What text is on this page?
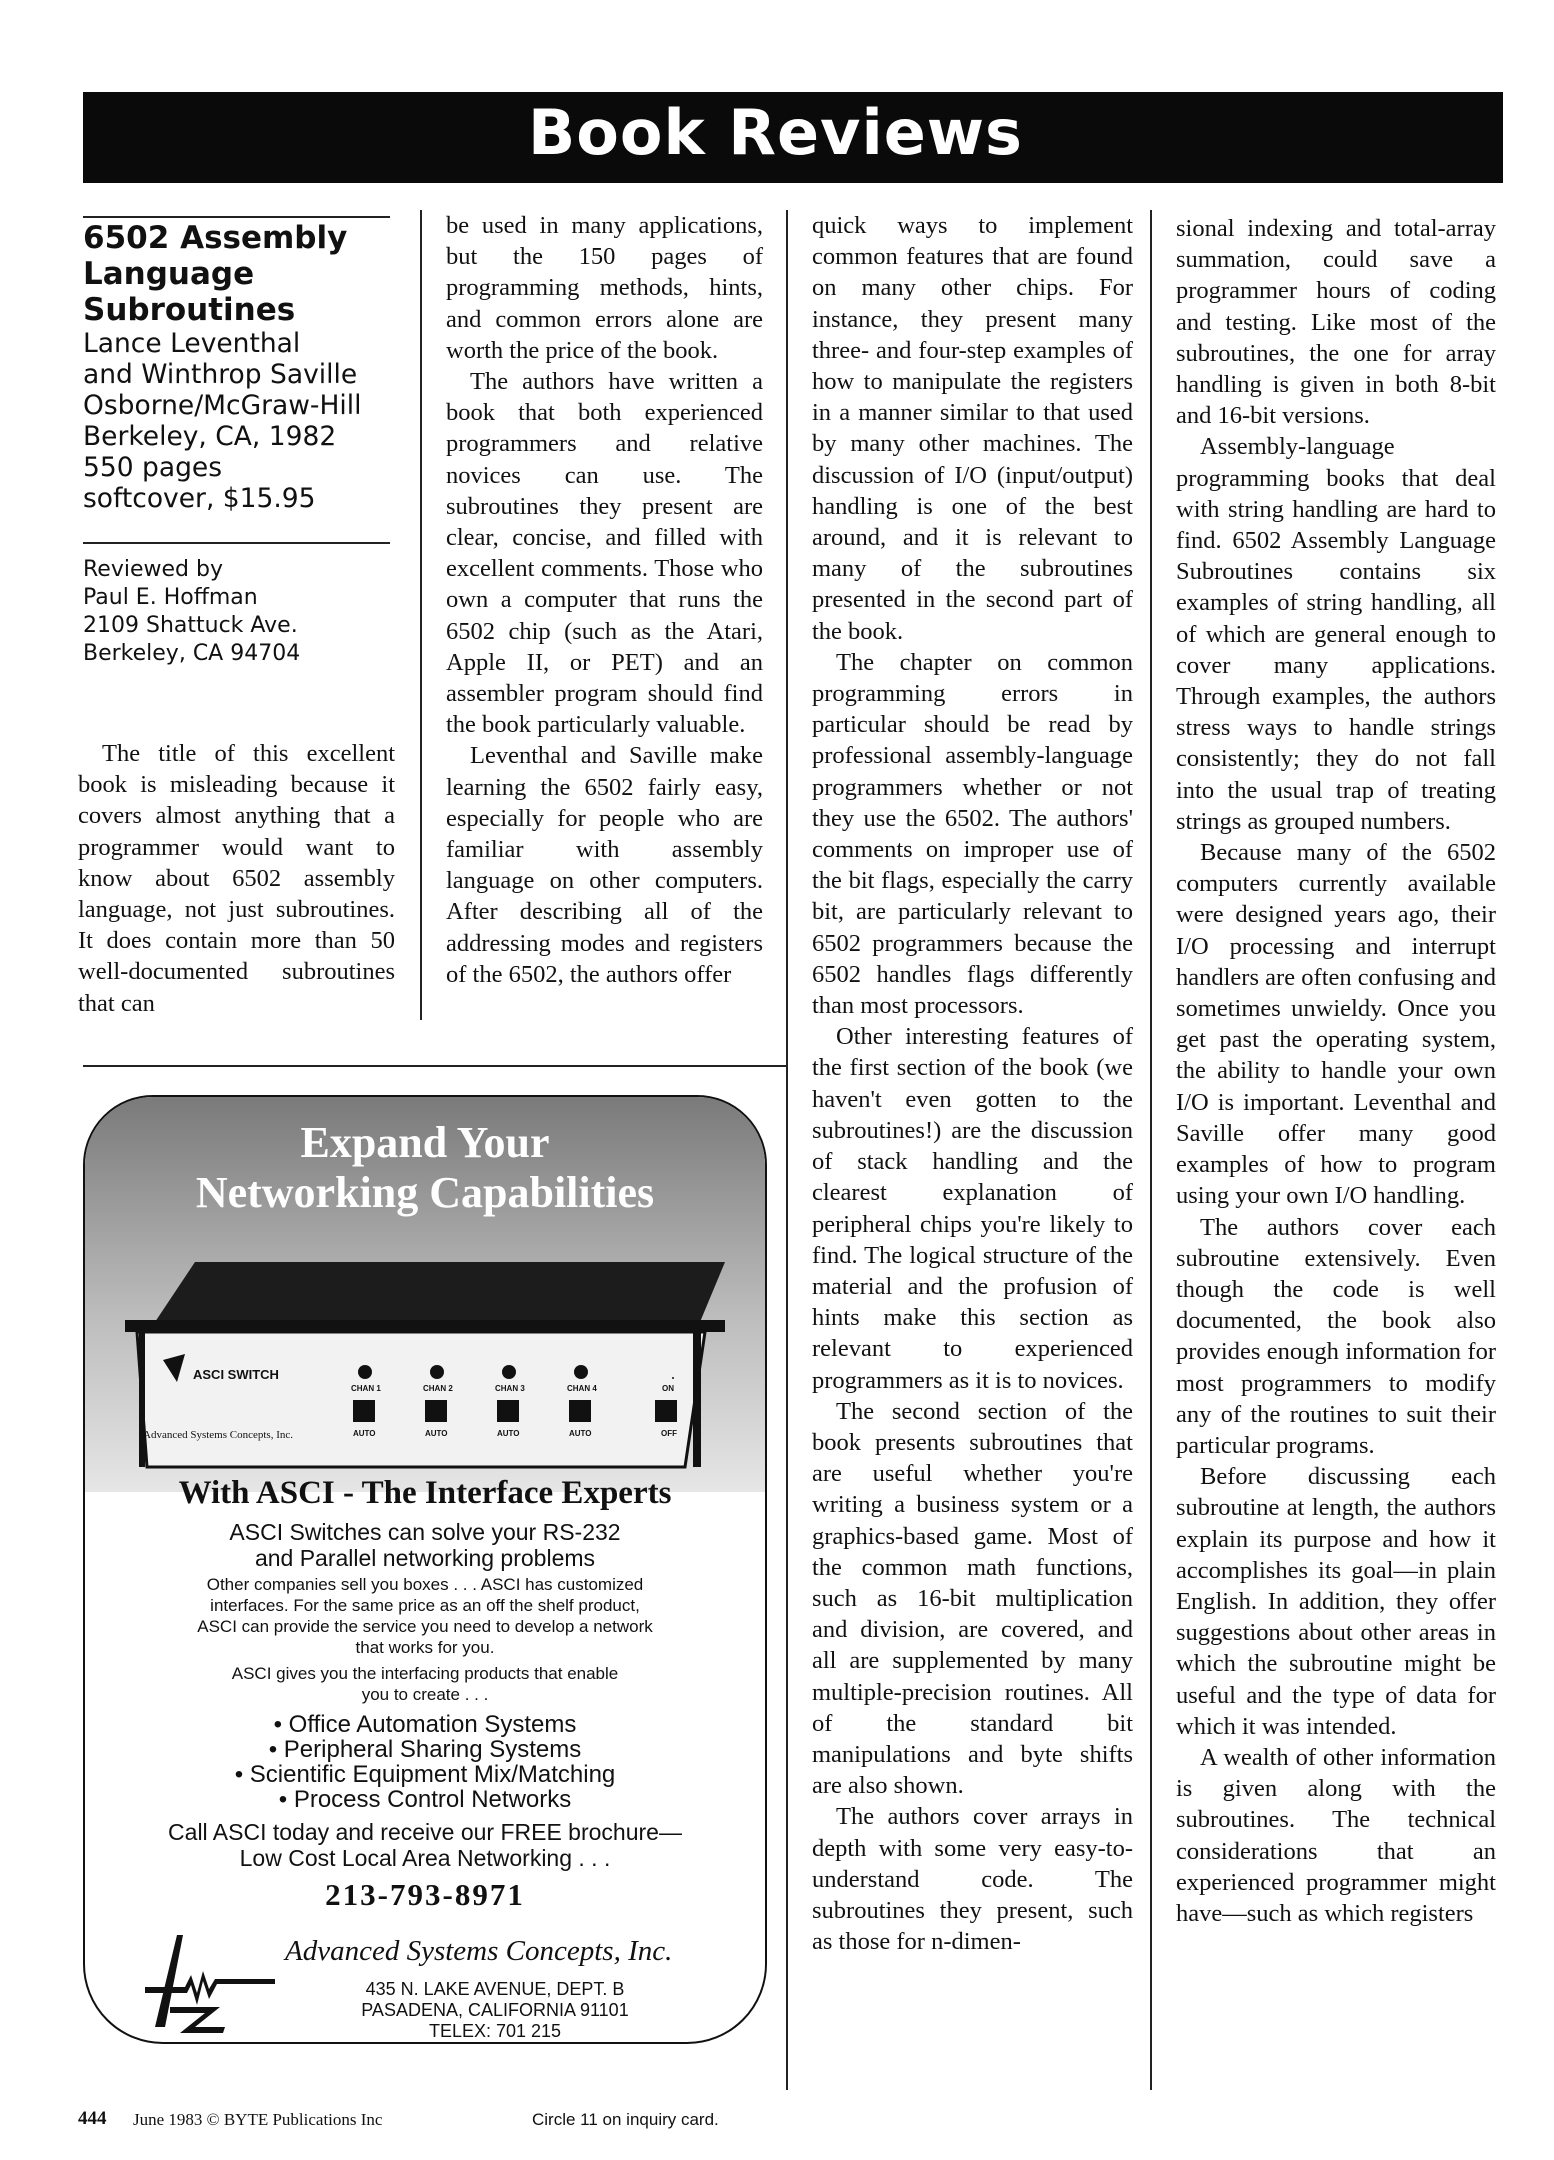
Book Reviews
6502 Assembly
Language
Subroutines
Lance Leventhal
and Winthrop Saville
Osborne/McGraw-Hill
Berkeley, CA, 1982
550 pages
softcover, $15.95
Reviewed by
Paul E. Hoffman
2109 Shattuck Ave.
Berkeley, CA 94704

The title of this excellent book is misleading because it covers almost anything that a programmer would want to know about 6502 assembly language, not just subroutines. It does contain more than 50 well-documented subroutines that can

be used in many applications, but the 150 pages of programming methods, hints, and common errors alone are worth the price of the book.

The authors have written a book that both experienced programmers and relative novices can use. The subroutines they present are clear, concise, and filled with excellent comments. Those who own a computer that runs the 6502 chip (such as the Atari, Apple II, or PET) and an assembler program should find the book particularly valuable.

Leventhal and Saville make learning the 6502 fairly easy, especially for people who are familiar with assembly language on other computers. After describing all of the addressing modes and registers of the 6502, the authors offer

quick ways to implement common features that are found on many other chips. For instance, they present many three- and four-step examples of how to manipulate the registers in a manner similar to that used by many other machines. The discussion of I/O (input/output) handling is one of the best around, and it is relevant to many of the subroutines presented in the second part of the book.

The chapter on common programming errors in particular should be read by professional assembly-language programmers whether or not they use the 6502. The authors' comments on improper use of the bit flags, especially the carry bit, are particularly relevant to 6502 programmers because the 6502 handles flags differently than most processors.

Other interesting features of the first section of the book (we haven't even gotten to the subroutines!) are the discussion of stack handling and the clearest explanation of peripheral chips you're likely to find. The logical structure of the material and the profusion of hints make this section as relevant to experienced programmers as it is to novices.

The second section of the book presents subroutines that are useful whether you're writing a business system or a graphics-based game. Most of the common math functions, such as 16-bit multiplication and division, are covered, and all are supplemented by many multiple-precision routines. All of the standard bit manipulations and byte shifts are also shown.

The authors cover arrays in depth with some very easy-to-understand code. The subroutines they present, such as those for n-dimen-

sional indexing and total-array summation, could save a programmer hours of coding and testing. Like most of the subroutines, the one for array handling is given in both 8-bit and 16-bit versions.

Assembly-language programming books that deal with string handling are hard to find. 6502 Assembly Language Subroutines contains six examples of string handling, all of which are general enough to cover many applications. Through examples, the authors stress ways to handle strings consistently; they do not fall into the usual trap of treating strings as grouped numbers.

Because many of the 6502 computers currently available were designed years ago, their I/O processing and interrupt handlers are often confusing and sometimes unwieldy. Once you get past the operating system, the ability to handle your own I/O is important. Leventhal and Saville offer many good examples of how to program using your own I/O handling.

The authors cover each subroutine extensively. Even though the code is well documented, the book also provides enough information for most programmers to modify any of the routines to suit their particular programs.

Before discussing each subroutine at length, the authors explain its purpose and how it accomplishes its goal—in plain English. In addition, they offer suggestions about other areas in which the subroutine might be useful and the type of data for which it was intended.

A wealth of other information is given along with the subroutines. The technical considerations that an experienced programmer might have—such as which registers

Expand Your
Networking Capabilities
ASCI SWITCH
Advanced Systems Concepts, Inc.
CHAN 1	CHAN 2	CHAN 3	CHAN 4	ON
AUTO	AUTO	AUTO	AUTO	OFF
With ASCI - The Interface Experts
ASCI Switches can solve your RS-232
and Parallel networking problems
Other companies sell you boxes . . . ASCI has customized
interfaces. For the same price as an off the shelf product,
ASCI can provide the service you need to develop a network
that works for you.
ASCI gives you the interfacing products that enable
you to create . . .
• Office Automation Systems
• Peripheral Sharing Systems
• Scientific Equipment Mix/Matching
• Process Control Networks
Call ASCI today and receive our FREE brochure—
Low Cost Local Area Networking . . .
213-793-8971
Advanced Systems Concepts, Inc.
435 N. LAKE AVENUE, DEPT. B
PASADENA, CALIFORNIA 91101
TELEX: 701 215
444 June 1983 © BYTE Publications Inc	Circle 11 on inquiry card.
